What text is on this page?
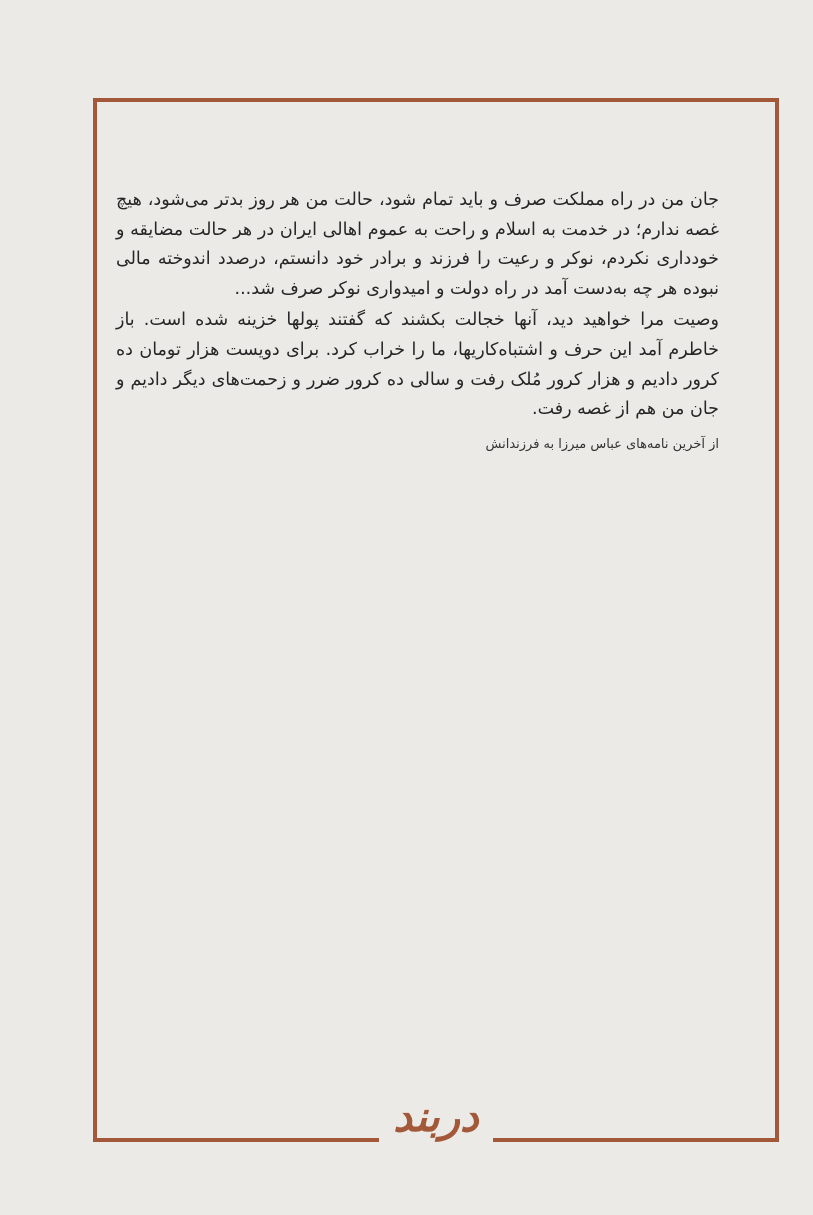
جان من در راه مملکت صرف و باید تمام شود، حالت من هر روز بدتر می‌شود، هیچ غصه ندارم؛ در خدمت به اسلام و راحت به عموم اهالی ایران در هر حالت مضایقه و خودداری نکردم، نوکر و رعیت را فرزند و برادر خود دانستم، درصدد اندوخته مالی نبوده هر چه به‌دست آمد در راه دولت و امیدواری نوکر صرف شد...

وصیت مرا خواهید دید، آنها خجالت بکشند که گفتند پولها خزینه شده است. باز خاطرم آمد این حرف و اشتباه‌کاریها، ما را خراب کرد. برای دویست هزار تومان ده کرور دادیم و هزار کرور مُلک رفت و سالی ده کرور ضرر و زحمت‌های دیگر دادیم و جان من هم از غصه رفت.

از آخرین نامه‌های عباس میرزا به فرزندانش
دربند
